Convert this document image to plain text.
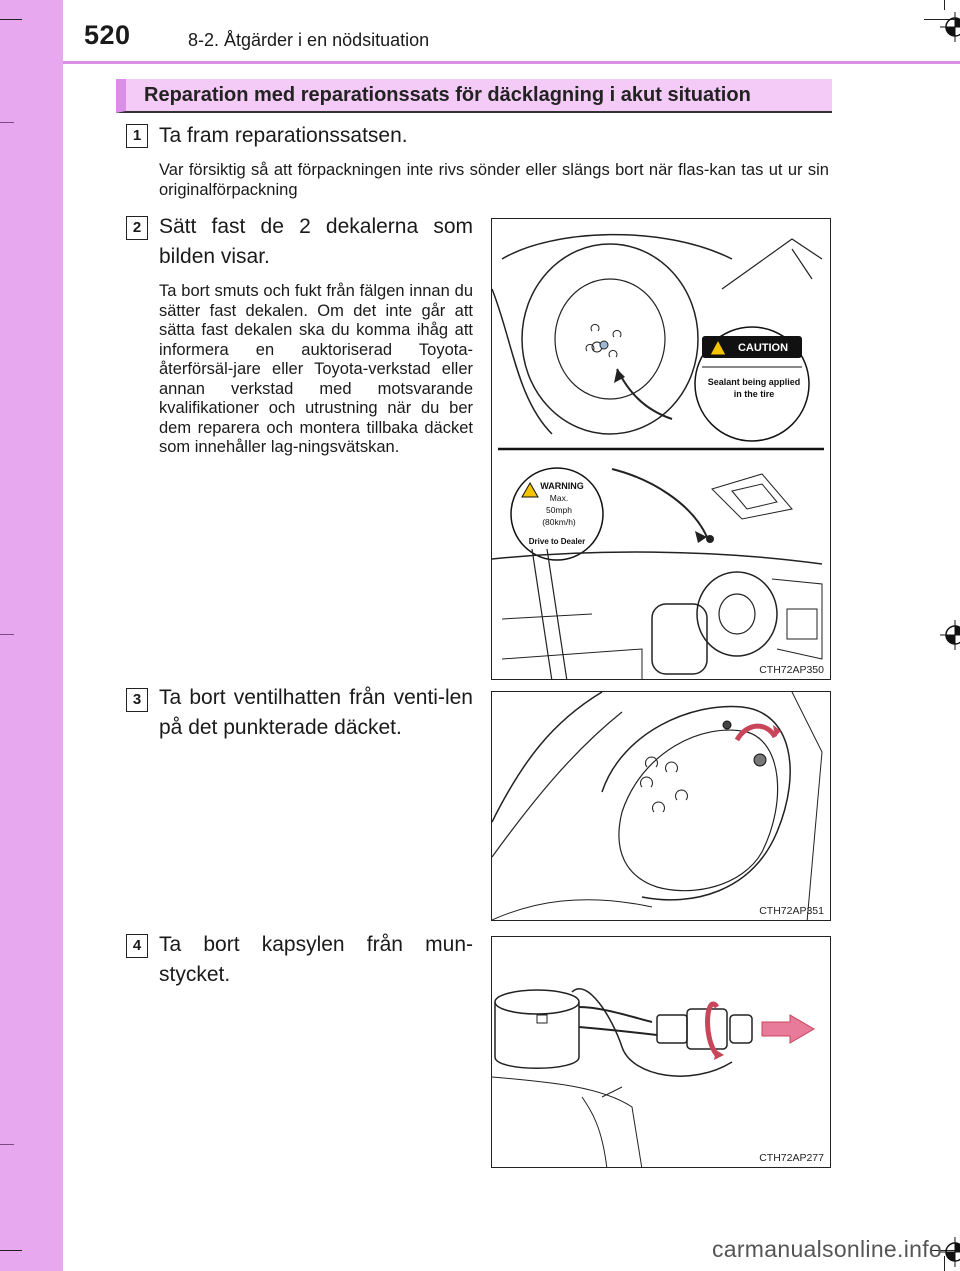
520	8-2. Åtgärder i en nödsituation
Reparation med reparationssats för däcklagning i akut situation
1 Ta fram reparationssatsen.
Var försiktig så att förpackningen inte rivs sönder eller slängs bort när flas-kan tas ut ur sin originalförpackning
2 Sätt fast de 2 dekalerna som bilden visar.
Ta bort smuts och fukt från fälgen innan du sätter fast dekalen. Om det inte går att sätta fast dekalen ska du komma ihåg att informera en auktoriserad Toyota-återförsäl-jare eller Toyota-verkstad eller annan verkstad med motsvarande kvalifikationer och utrustning när du ber dem reparera och montera tillbaka däcket som innehåller lag-ningsvätskan.
3 Ta bort ventilhatten från venti-len på det punkterade däcket.
4 Ta bort kapsylen från mun-stycket.
CAUTION
Sealant being applied
in the tire
WARNING
Max.
50mph
(80km/h)
Drive to Dealer
CTH72AP350
CTH72AP351
CTH72AP277
carmanualsonline.info
